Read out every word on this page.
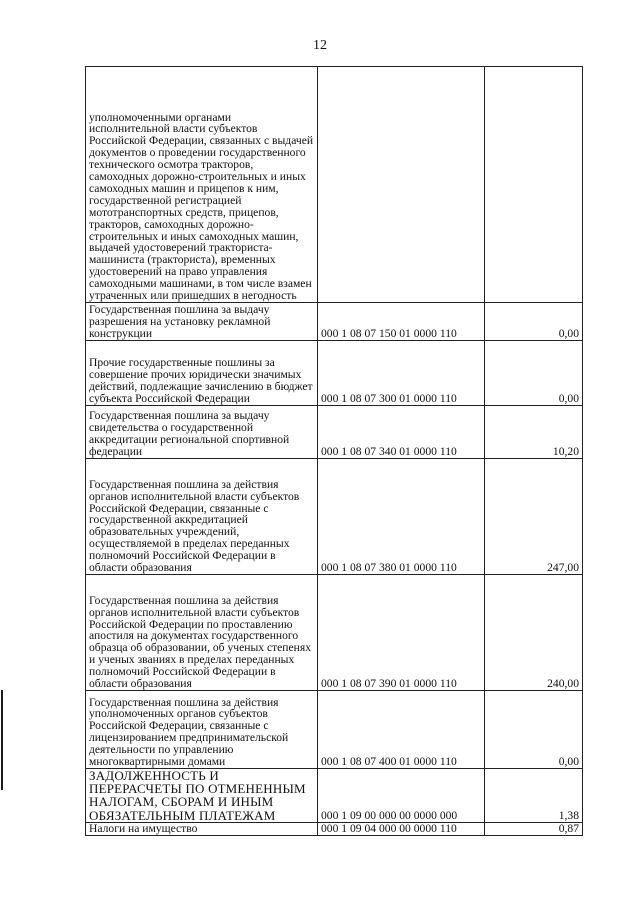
12
уполномоченными органами исполнительной власти субъектов Российской Федерации, связанных с выдачей документов о проведении государственного технического осмотра тракторов, самоходных дорожно-строительных и иных самоходных машин и прицепов к ним, государственной регистрацией мототранспортных средств, прицепов, тракторов, самоходных дорожно-строительных и иных самоходных машин, выдачей удостоверений тракториста-машиниста (тракториста), временных удостоверений на право управления самоходными машинами, в том числе взамен утраченных или пришедших в негодность		

Государственная пошлина за выдачу разрешения на установку рекламной конструкции	000 1 08 07 150 01 0000 110	0,00

Прочие государственные пошлины за совершение прочих юридически значимых действий, подлежащие зачислению в бюджет субъекта Российской Федерации	000 1 08 07 300 01 0000 110	0,00

Государственная пошлина за выдачу свидетельства о государственной аккредитации региональной спортивной федерации	000 1 08 07 340 01 0000 110	10,20

Государственная пошлина за действия органов исполнительной власти субъектов Российской Федерации, связанные с государственной аккредитацией образовательных учреждений, осуществляемой в пределах переданных полномочий Российской Федерации в области образования	000 1 08 07 380 01 0000 110	247,00

Государственная пошлина за действия органов исполнительной власти субъектов Российской Федерации по проставлению апостиля на документах государственного образца об образовании, об ученых степенях и ученых званиях в пределах переданных полномочий Российской Федерации в области образования	000 1 08 07 390 01 0000 110	240,00

Государственная пошлина за действия уполномоченных органов субъектов Российской Федерации, связанные с лицензированием предпринимательской деятельности по управлению многоквартирными домами	000 1 08 07 400 01 0000 110	0,00

ЗАДОЛЖЕННОСТЬ И ПЕРЕРАСЧЕТЫ ПО ОТМЕНЕННЫМ НАЛОГАМ, СБОРАМ И ИНЫМ ОБЯЗАТЕЛЬНЫМ ПЛАТЕЖАМ	000 1 09 00 000 00 0000 000	1,38

Налоги на имущество	000 1 09 04 000 00 0000 110	0,87
